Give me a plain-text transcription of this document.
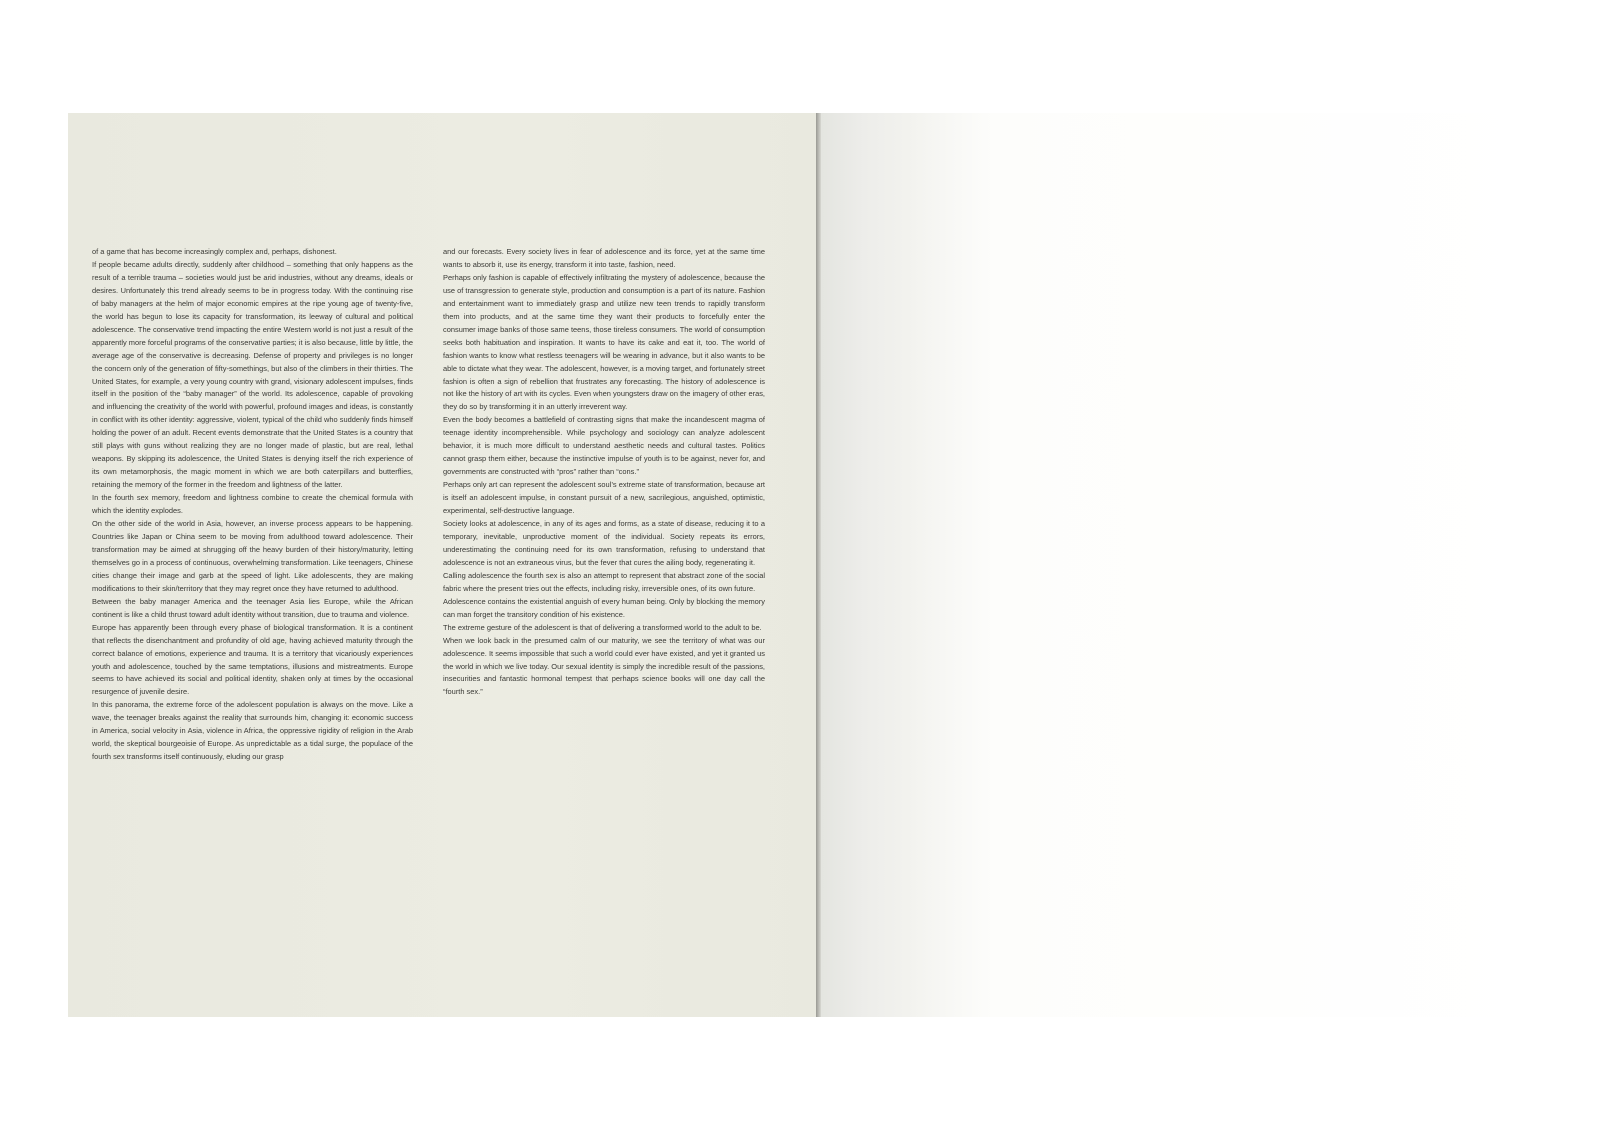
of a game that has become increasingly complex and, perhaps, dishonest.

If people became adults directly, suddenly after childhood – something that only happens as the result of a terrible trauma – societies would just be arid industries, without any dreams, ideals or desires. Unfortunately this trend already seems to be in progress today. With the continuing rise of baby managers at the helm of major economic empires at the ripe young age of twenty-five, the world has begun to lose its capacity for transformation, its leeway of cultural and political adolescence. The conservative trend impacting the entire Western world is not just a result of the apparently more forceful programs of the conservative parties; it is also because, little by little, the average age of the conservative is decreasing. Defense of property and privileges is no longer the concern only of the generation of fifty-somethings, but also of the climbers in their thirties. The United States, for example, a very young country with grand, visionary adolescent impulses, finds itself in the position of the “baby manager” of the world. Its adolescence, capable of provoking and influencing the creativity of the world with powerful, profound images and ideas, is constantly in conflict with its other identity: aggressive, violent, typical of the child who suddenly finds himself holding the power of an adult. Recent events demonstrate that the United States is a country that still plays with guns without realizing they are no longer made of plastic, but are real, lethal weapons. By skipping its adolescence, the United States is denying itself the rich experience of its own metamorphosis, the magic moment in which we are both caterpillars and butterflies, retaining the memory of the former in the freedom and lightness of the latter.

In the fourth sex memory, freedom and lightness combine to create the chemical formula with which the identity explodes.

On the other side of the world in Asia, however, an inverse process appears to be happening. Countries like Japan or China seem to be moving from adulthood toward adolescence. Their transformation may be aimed at shrugging off the heavy burden of their history/maturity, letting themselves go in a process of continuous, overwhelming transformation. Like teenagers, Chinese cities change their image and garb at the speed of light. Like adolescents, they are making modifications to their skin/territory that they may regret once they have returned to adulthood.

Between the baby manager America and the teenager Asia lies Europe, while the African continent is like a child thrust toward adult identity without transition, due to trauma and violence.

Europe has apparently been through every phase of biological transformation. It is a continent that reflects the disenchantment and profundity of old age, having achieved maturity through the correct balance of emotions, experience and trauma. It is a territory that vicariously experiences youth and adolescence, touched by the same temptations, illusions and mistreatments. Europe seems to have achieved its social and political identity, shaken only at times by the occasional resurgence of juvenile desire.

In this panorama, the extreme force of the adolescent population is always on the move. Like a wave, the teenager breaks against the reality that surrounds him, changing it: economic success in America, social velocity in Asia, violence in Africa, the oppressive rigidity of religion in the Arab world, the skeptical bourgeoisie of Europe. As unpredictable as a tidal surge, the populace of the fourth sex transforms itself continuously, eluding our grasp

and our forecasts. Every society lives in fear of adolescence and its force, yet at the same time wants to absorb it, use its energy, transform it into taste, fashion, need.

Perhaps only fashion is capable of effectively infiltrating the mystery of adolescence, because the use of transgression to generate style, production and consumption is a part of its nature. Fashion and entertainment want to immediately grasp and utilize new teen trends to rapidly transform them into products, and at the same time they want their products to forcefully enter the consumer image banks of those same teens, those tireless consumers. The world of consumption seeks both habituation and inspiration. It wants to have its cake and eat it, too. The world of fashion wants to know what restless teenagers will be wearing in advance, but it also wants to be able to dictate what they wear. The adolescent, however, is a moving target, and fortunately street fashion is often a sign of rebellion that frustrates any forecasting. The history of adolescence is not like the history of art with its cycles. Even when youngsters draw on the imagery of other eras, they do so by transforming it in an utterly irreverent way.

Even the body becomes a battlefield of contrasting signs that make the incandescent magma of teenage identity incomprehensible. While psychology and sociology can analyze adolescent behavior, it is much more difficult to understand aesthetic needs and cultural tastes. Politics cannot grasp them either, because the instinctive impulse of youth is to be against, never for, and governments are constructed with “pros” rather than “cons.”

Perhaps only art can represent the adolescent soul’s extreme state of transformation, because art is itself an adolescent impulse, in constant pursuit of a new, sacrilegious, anguished, optimistic, experimental, self-destructive language.

Society looks at adolescence, in any of its ages and forms, as a state of disease, reducing it to a temporary, inevitable, unproductive moment of the individual. Society repeats its errors, underestimating the continuing need for its own transformation, refusing to understand that adolescence is not an extraneous virus, but the fever that cures the ailing body, regenerating it.

Calling adolescence the fourth sex is also an attempt to represent that abstract zone of the social fabric where the present tries out the effects, including risky, irreversible ones, of its own future.

Adolescence contains the existential anguish of every human being. Only by blocking the memory can man forget the transitory condition of his existence.

The extreme gesture of the adolescent is that of delivering a transformed world to the adult to be.

When we look back in the presumed calm of our maturity, we see the territory of what was our adolescence. It seems impossible that such a world could ever have existed, and yet it granted us the world in which we live today. Our sexual identity is simply the incredible result of the passions, insecurities and fantastic hormonal tempest that perhaps science books will one day call the “fourth sex.”
